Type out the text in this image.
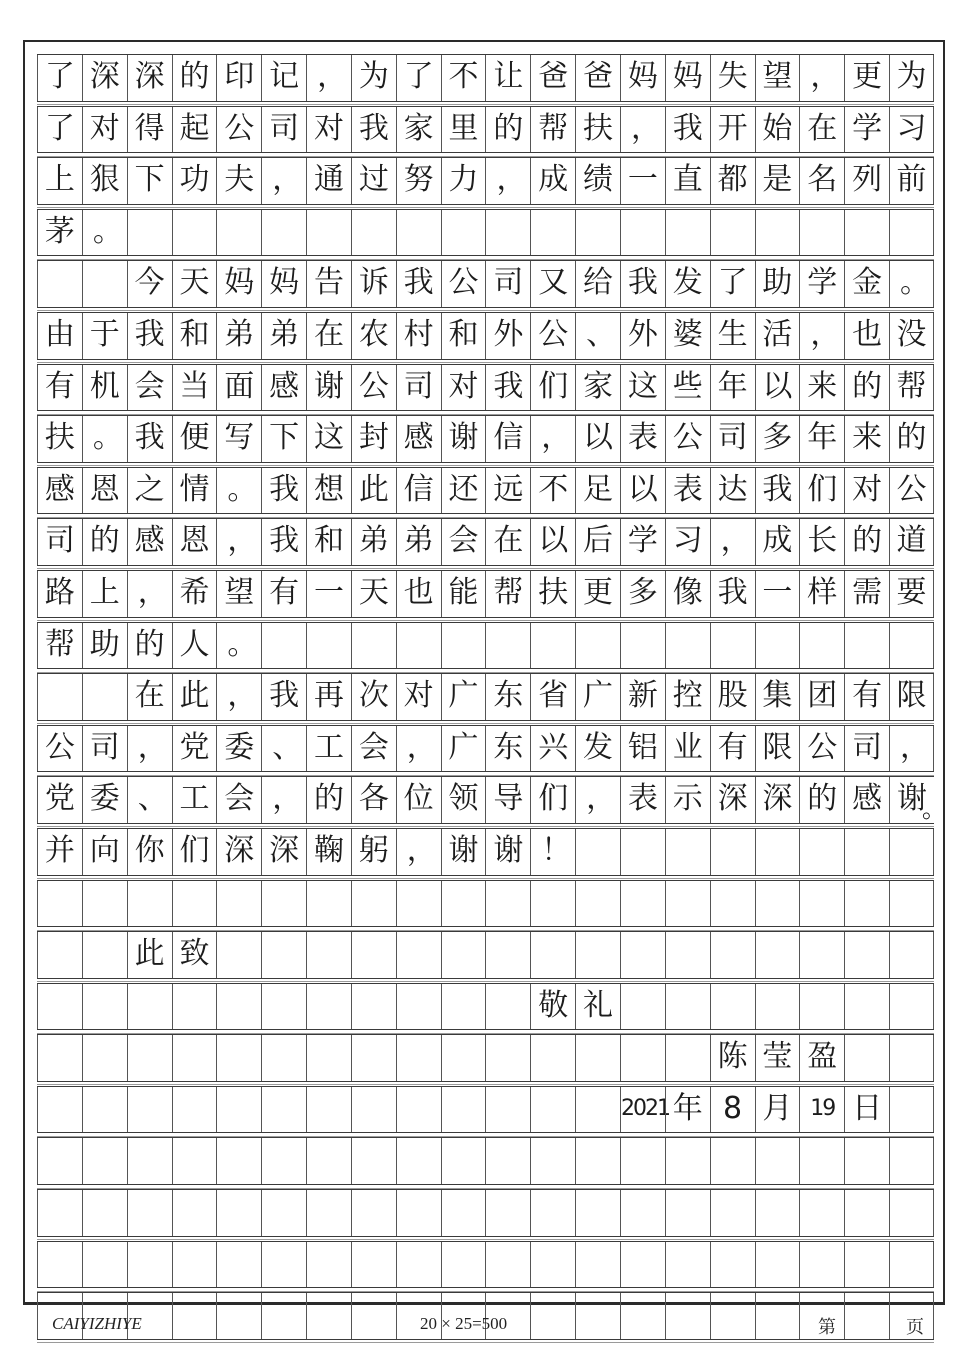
了 深 深 的 印 记 ， 为 了 不 让 爸 爸 妈 妈 失 望 ， 更 为
了 对 得 起 公 司 对 我 家 里 的 帮 扶 ， 我 开 始 在 学 习
上 狠 下 功 夫 ， 通 过 努 力 ， 成 绩 一 直 都 是 名 列 前
茅 。
今 天 妈 妈 告 诉 我 公 司 又 给 我 发 了 助 学 金 。
由 于 我 和 弟 弟 在 农 村 和 外 公 、 外 婆 生 活 ， 也 没
有 机 会 当 面 感 谢 公 司 对 我 们 家 这 些 年 以 来 的 帮
扶 。 我 便 写 下 这 封 感 谢 信 ， 以 表 公 司 多 年 来 的
感 恩 之 情 。 我 想 此 信 还 远 不 足 以 表 达 我 们 对 公
司 的 感 恩 ， 我 和 弟 弟 会 在 以 后 学 习 ， 成 长 的 道
路 上 ， 希 望 有 一 天 也 能 帮 扶 更 多 像 我 一 样 需 要
帮 助 的 人 。
在 此 ， 我 再 次 对 广 东 省 广 新 控 股 集 团 有 限
公 司 ， 党 委 、 工 会 ， 广 东 兴 发 铝 业 有 限 公 司 ，
党 委 、 工 会 ， 的 各 位 领 导 们 ， 表 示 深 深 的 感 谢
。
并 向 你 们 深 深 鞠 躬 ， 谢 谢 ！
此 致
敬 礼
陈 莹 盈
2021 年 8 月 19 日
CAIYIZHIYE	20 × 25=500	第	页
